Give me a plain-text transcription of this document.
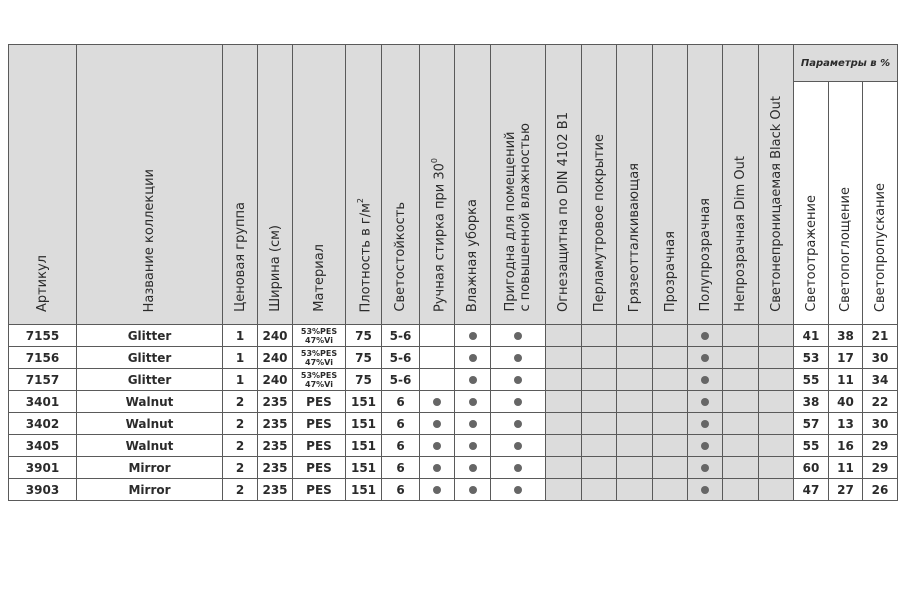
Артикул	Название коллекции	Ценовая группа	Ширина (см)	Материал	Плотность в $г/м^2$	Светостойкость	Ручная стирка при $30^0$	Влажная уборка	Пригодна для помещений
с повышенной влажностью	Огнезащитна по DIN 4102 B1	Перламутровое покрытие	Грязеотталкивающая	Прозрачная	Полупрозрачная	Непрозрачная Dim Out	Светонепроницаемая Black Out	Параметры в %		

																	Светоотражение	Светопоглощение	Светопропускание

7155	Glitter	1	240	53%PES
47%Vi	75	5-6											41	38	21
7156	Glitter	1	240	53%PES
47%Vi	75	5-6											53	17	30
7157	Glitter	1	240	53%PES
47%Vi	75	5-6											55	11	34
3401	Walnut	2	235	PES	151	6											38	40	22
3402	Walnut	2	235	PES	151	6											57	13	30
3405	Walnut	2	235	PES	151	6											55	16	29
3901	Mirror	2	235	PES	151	6											60	11	29
3903	Mirror	2	235	PES	151	6											47	27	26
